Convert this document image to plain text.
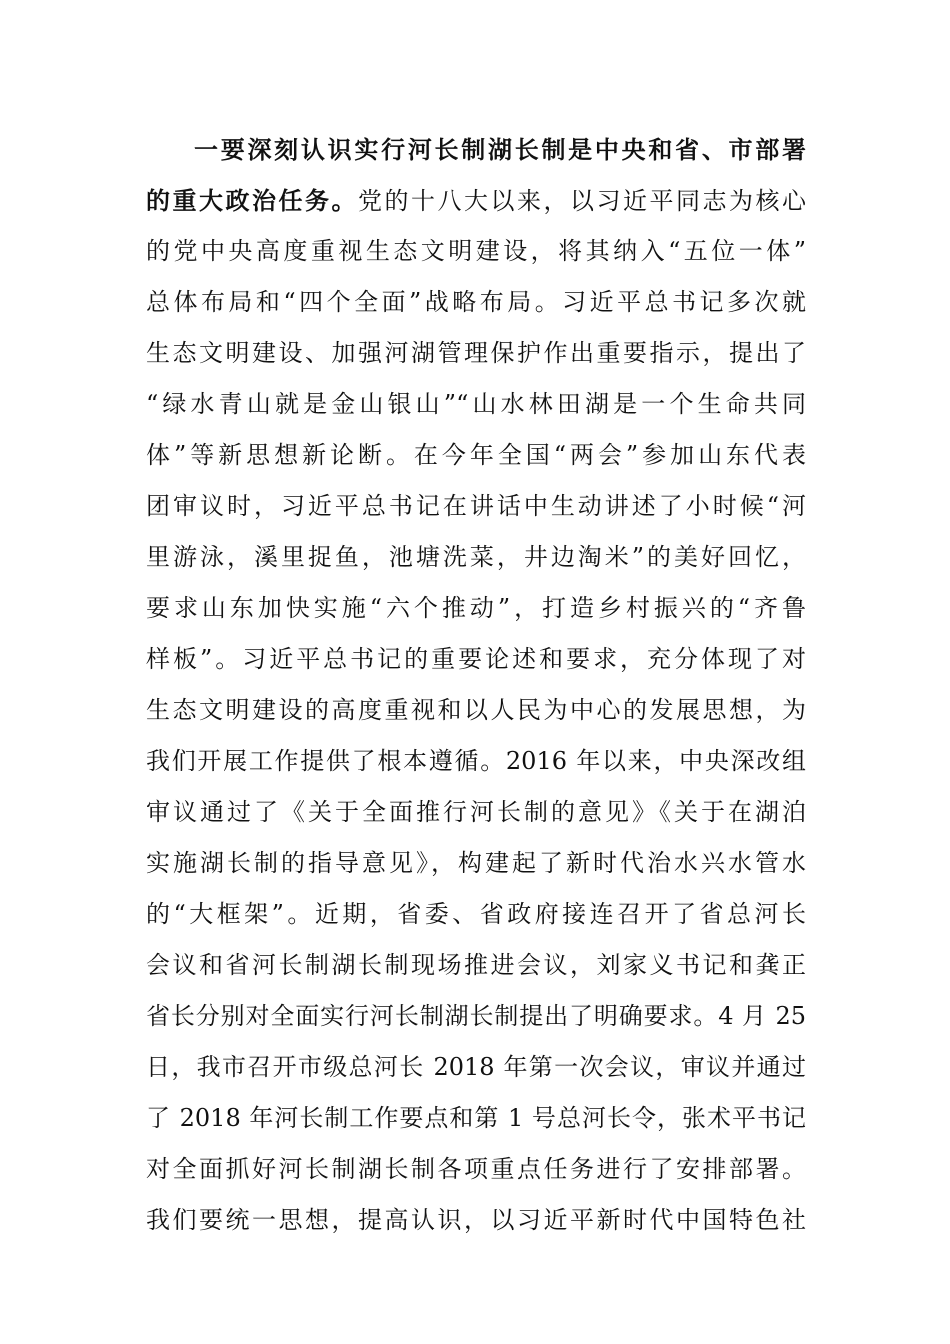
一要深刻认识实行河长制湖长制是中央和省、市部署
的重大政治任务。党的十八大以来，以习近平同志为核心
的党中央高度重视生态文明建设，将其纳入“五位一体”
总体布局和“四个全面”战略布局。习近平总书记多次就
生态文明建设、加强河湖管理保护作出重要指示，提出了
“绿水青山就是金山银山”“山水林田湖是一个生命共同
体”等新思想新论断。在今年全国“两会”参加山东代表
团审议时，习近平总书记在讲话中生动讲述了小时候“河
里游泳，溪里捉鱼，池塘洗菜，井边淘米”的美好回忆，
要求山东加快实施“六个推动”，打造乡村振兴的“齐鲁
样板”。习近平总书记的重要论述和要求，充分体现了对
生态文明建设的高度重视和以人民为中心的发展思想，为
我们开展工作提供了根本遵循。2016 年以来，中央深改组
审议通过了《关于全面推行河长制的意见》《关于在湖泊
实施湖长制的指导意见》，构建起了新时代治水兴水管水
的“大框架”。近期，省委、省政府接连召开了省总河长
会议和省河长制湖长制现场推进会议，刘家义书记和龚正
省长分别对全面实行河长制湖长制提出了明确要求。4 月 25
日，我市召开市级总河长 2018 年第一次会议，审议并通过
了 2018 年河长制工作要点和第 1 号总河长令，张术平书记
对全面抓好河长制湖长制各项重点任务进行了安排部署。
我们要统一思想，提高认识，以习近平新时代中国特色社
